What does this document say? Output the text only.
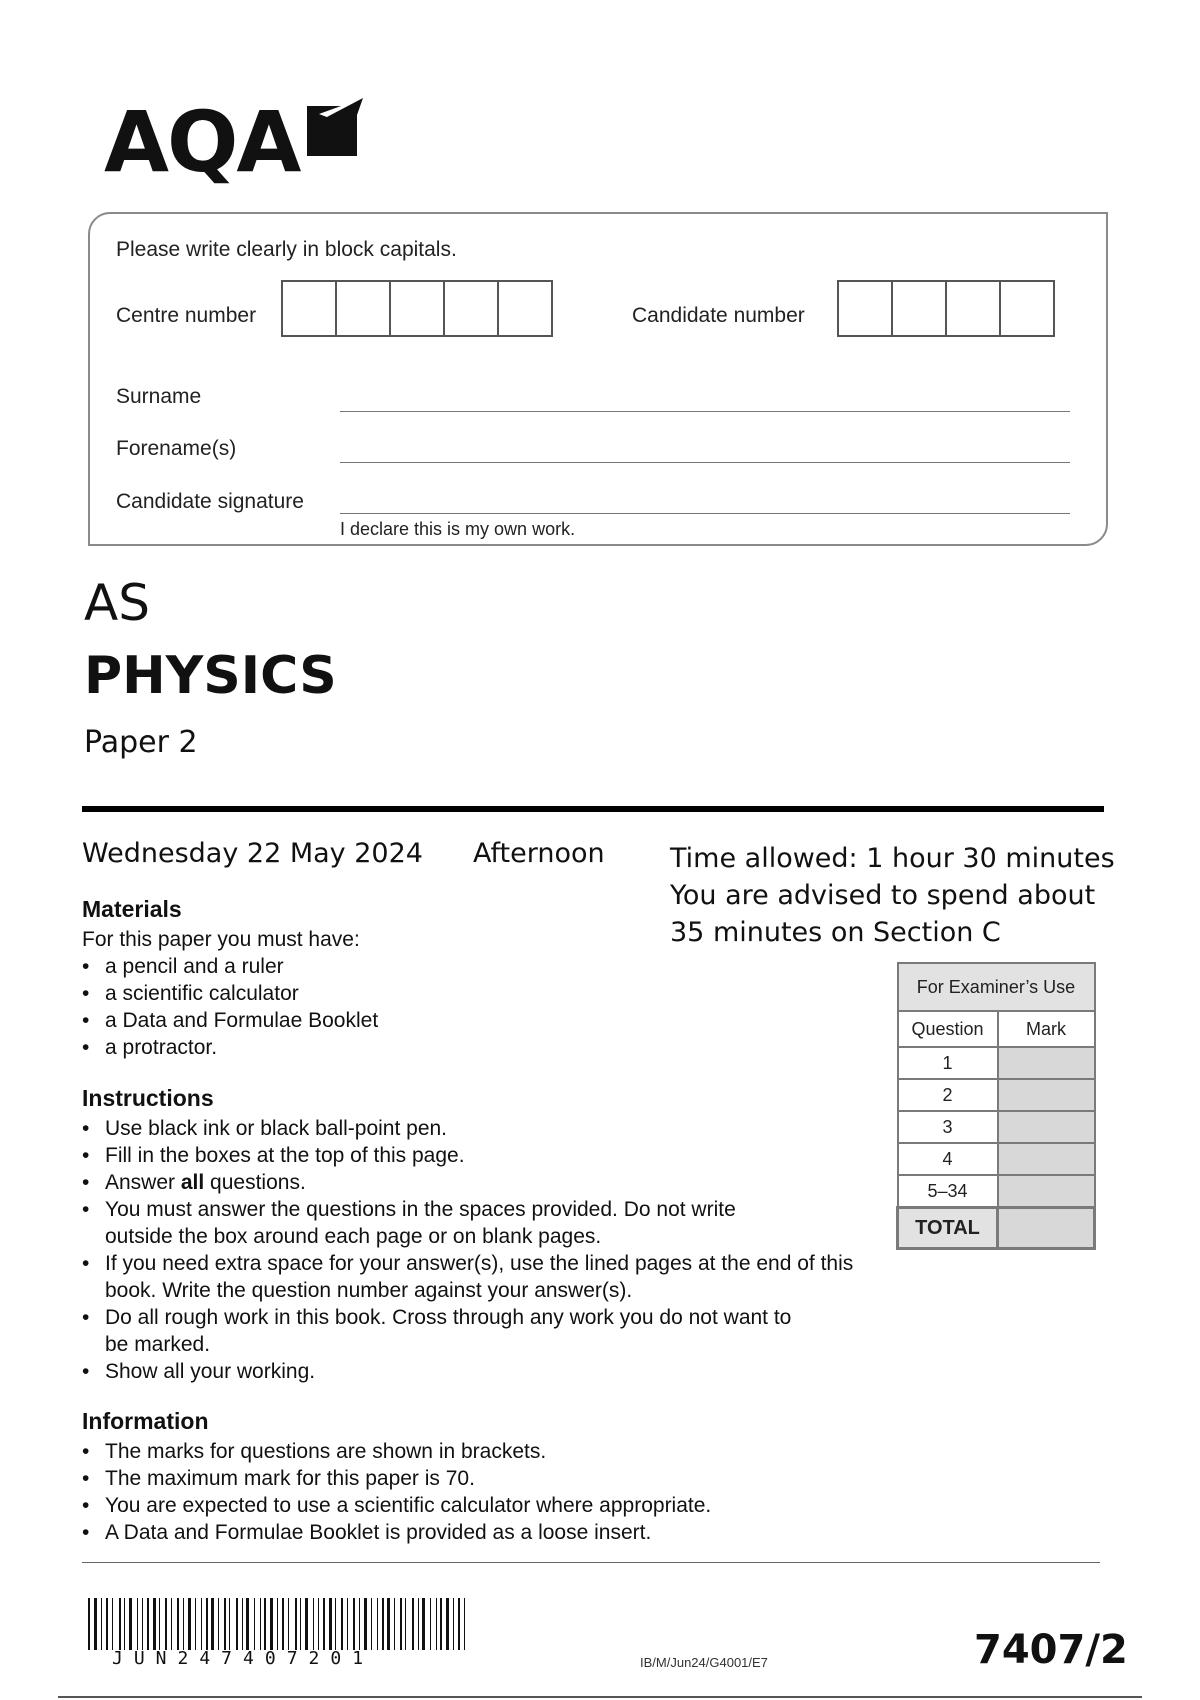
AQA
Please write clearly in block capitals.
Centre number	Candidate number
Surname
Forename(s)
Candidate signature
I declare this is my own work.
AS
PHYSICS
Paper 2
Wednesday 22 May 2024 Afternoon Time allowed: 1 hour 30 minutes
You are advised to spend about
35 minutes on Section C
Materials
For this paper you must have:
• a pencil and a ruler
• a scientific calculator
• a Data and Formulae Booklet
• a protractor.
Instructions
• Use black ink or black ball-point pen.
• Fill in the boxes at the top of this page.
• Answer all questions.
• You must answer the questions in the spaces provided. Do not write outside the box around each page or on blank pages.
• If you need extra space for your answer(s), use the lined pages at the end of this book. Write the question number against your answer(s).
• Do all rough work in this book. Cross through any work you do not want to be marked.
• Show all your working.
Information
• The marks for questions are shown in brackets.
• The maximum mark for this paper is 70.
• You are expected to use a scientific calculator where appropriate.
• A Data and Formulae Booklet is provided as a loose insert.
For Examiner’s Use	
Question	Mark
1	
2	
3	
4	
5–34	
TOTAL	
JUN247407201	IB/M/Jun24/G4001/E7	7407/2
